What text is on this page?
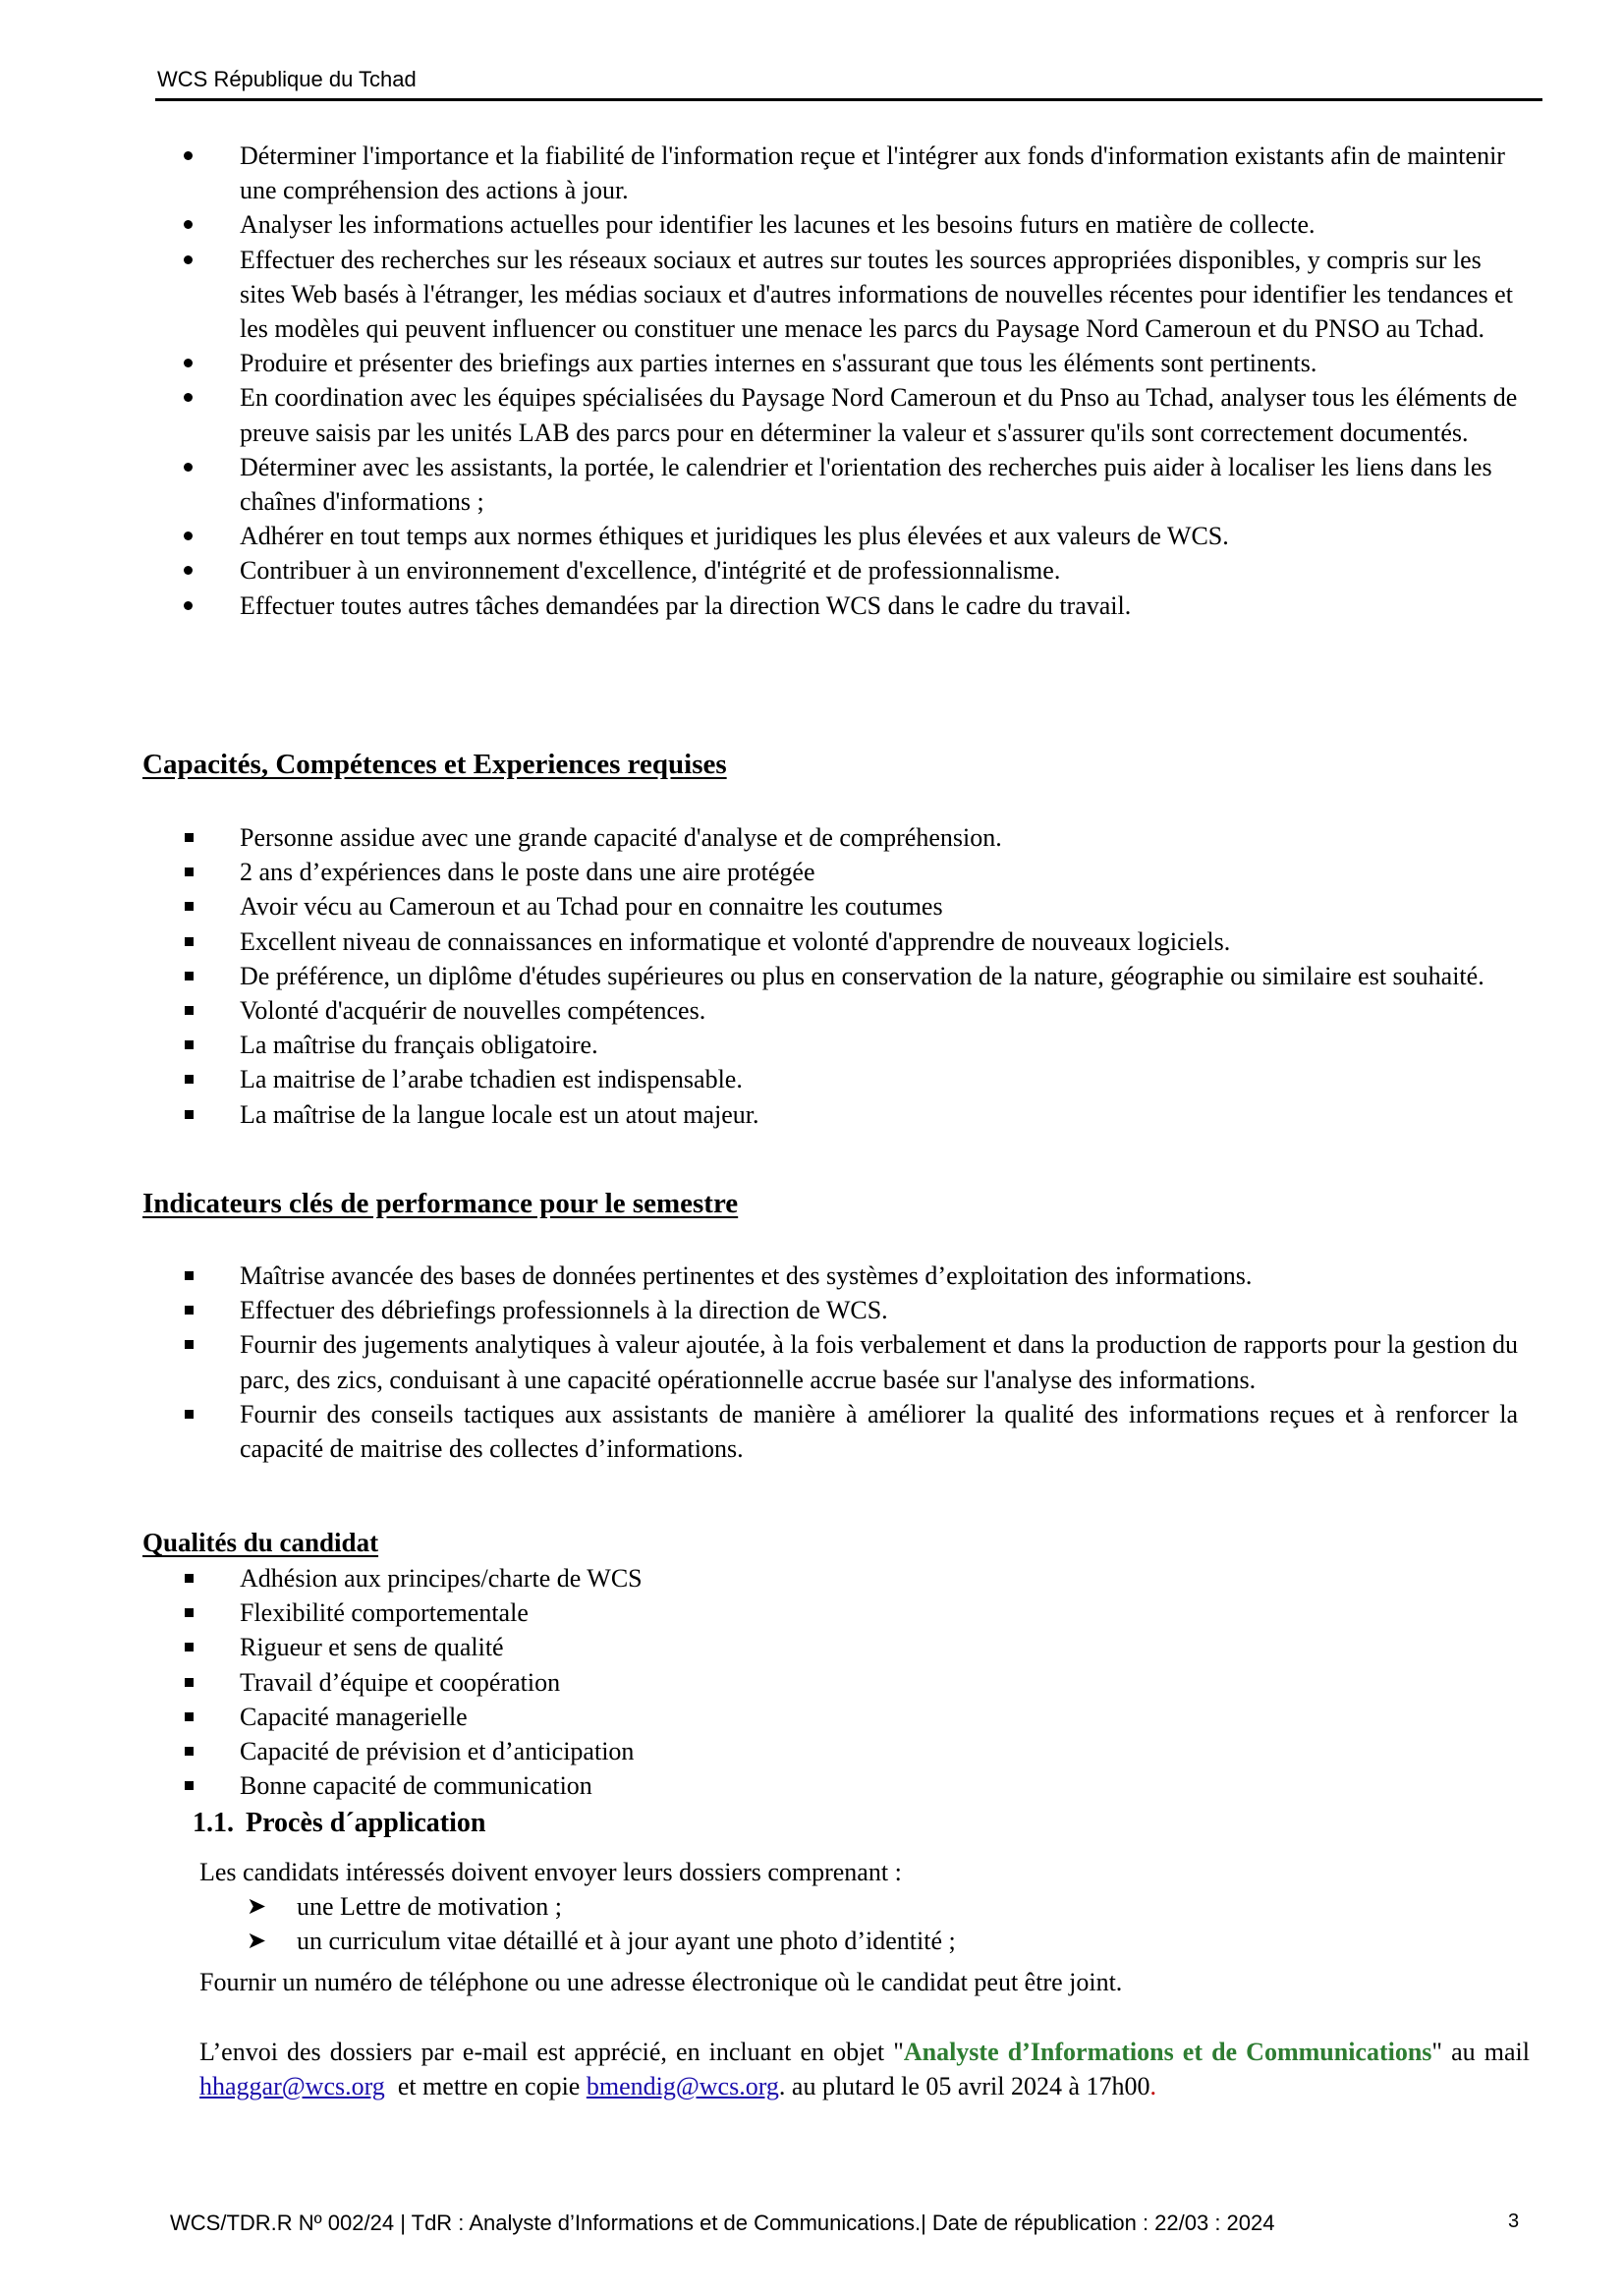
WCS République du Tchad
Déterminer l'importance et la fiabilité de l'information reçue et l'intégrer aux fonds d'information existants afin de maintenir une compréhension des actions à jour.
Analyser les informations actuelles pour identifier les lacunes et les besoins futurs en matière de collecte.
Effectuer des recherches sur les réseaux sociaux et autres sur toutes les sources appropriées disponibles, y compris sur les sites Web basés à l'étranger, les médias sociaux et d'autres informations de nouvelles récentes pour identifier les tendances et les modèles qui peuvent influencer ou constituer une menace les parcs du Paysage Nord Cameroun et du PNSO au Tchad.
Produire et présenter des briefings aux parties internes en s'assurant que tous les éléments sont pertinents.
En coordination avec les équipes spécialisées du Paysage Nord Cameroun et du Pnso au Tchad, analyser tous les éléments de preuve saisis par les unités LAB des parcs pour en déterminer la valeur et s'assurer qu'ils sont correctement documentés.
Déterminer avec les assistants, la portée, le calendrier et l'orientation des recherches puis aider à localiser les liens dans les chaînes d'informations ;
Adhérer en tout temps aux normes éthiques et juridiques les plus élevées et aux valeurs de WCS.
Contribuer à un environnement d'excellence, d'intégrité et de professionnalisme.
Effectuer toutes autres tâches demandées par la direction WCS dans le cadre du travail.
Capacités, Compétences et Experiences requises
Personne assidue avec une grande capacité d'analyse et de compréhension.
2 ans d’expériences dans le poste dans une aire protégée
Avoir vécu au Cameroun et au Tchad pour en connaitre les coutumes
Excellent niveau de connaissances en informatique et volonté d'apprendre de nouveaux logiciels.
De préférence, un diplôme d'études supérieures ou plus en conservation de la nature, géographie ou similaire est souhaité.
Volonté d'acquérir de nouvelles compétences.
La maîtrise du français obligatoire.
La maitrise de l’arabe tchadien est indispensable.
La maîtrise de la langue locale est un atout majeur.
Indicateurs clés de performance pour le semestre
Maîtrise avancée des bases de données pertinentes et des systèmes d’exploitation des informations.
Effectuer des débriefings professionnels à la direction de WCS.
Fournir des jugements analytiques à valeur ajoutée, à la fois verbalement et dans la production de rapports pour la gestion du parc, des zics, conduisant à une capacité opérationnelle accrue basée sur l'analyse des informations.
Fournir des conseils tactiques aux assistants de manière à améliorer la qualité des informations reçues et à renforcer la capacité de maitrise des collectes d’informations.
Qualités du candidat
Adhésion aux principes/charte de WCS
Flexibilité comportementale
Rigueur et sens de qualité
Travail d’équipe et coopération
Capacité managerielle
Capacité de prévision et d’anticipation
Bonne capacité de communication
1.1. Procès d´application
Les candidats intéressés doivent envoyer leurs dossiers comprenant :
➤ une Lettre de motivation ;
➤ un curriculum vitae détaillé et à jour ayant une photo d’identité ;
Fournir un numéro de téléphone ou une adresse électronique où le candidat peut être joint.
L’envoi des dossiers par e-mail est apprécié, en incluant en objet "Analyste d’Informations et de Communications" au mail hhaggar@wcs.org  et mettre en copie bmendig@wcs.org. au plutard le 05 avril 2024 à 17h00.
WCS/TDR.R Nº 002/24 | TdR : Analyste d’Informations et de Communications.| Date de républication : 22/03 : 2024	3
